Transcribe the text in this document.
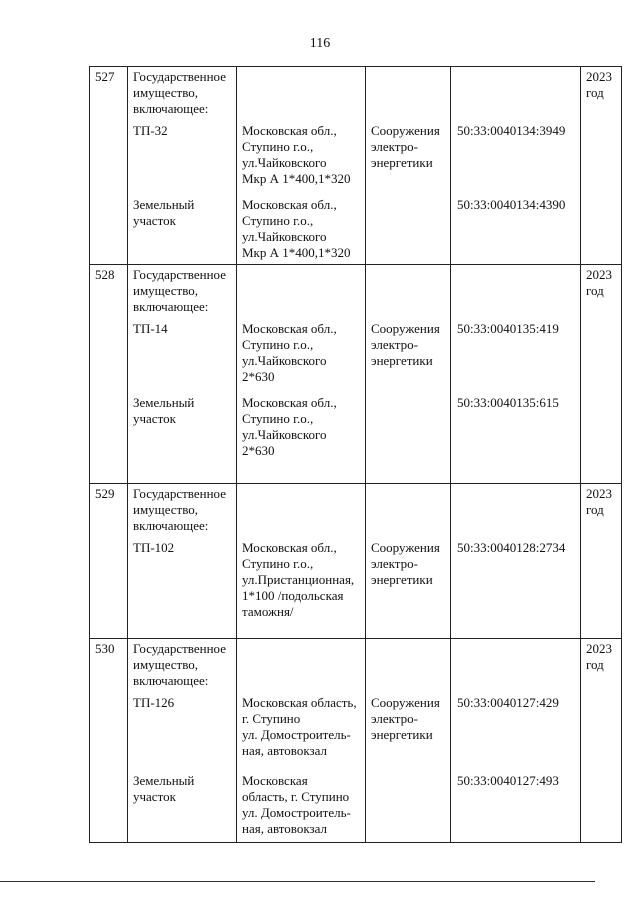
116
527	Государственное
имущество,
включающее:				2023
год

	ТП-32	Московская обл.,
Ступино г.о.,
ул.Чайковского
Мкр А 1*400,1*320	Сооружения
электро-
энергетики	50:33:0040134:3949	

	Земельный
участок	Московская обл.,
Ступино г.о.,
ул.Чайковского
Мкр А 1*400,1*320		50:33:0040134:4390	

528	Государственное
имущество,
включающее:				2023
год

	ТП-14	Московская обл.,
Ступино г.о.,
ул.Чайковского
2*630	Сооружения
электро-
энергетики	50:33:0040135:419	

	Земельный
участок	Московская обл.,
Ступино г.о.,
ул.Чайковского
2*630		50:33:0040135:615	

529	Государственное
имущество,
включающее:				2023
год

	ТП-102	Московская обл.,
Ступино г.о.,
ул.Пристанционная,
1*100 /подольская
таможня/	Сооружения
электро-
энергетики	50:33:0040128:2734	

530	Государственное
имущество,
включающее:				2023
год

	ТП-126	Московская область,
г. Ступино
ул. Домостроитель-
ная, автовокзал	Сооружения
электро-
энергетики	50:33:0040127:429	

	Земельный
участок	Московская
область, г. Ступино
ул. Домостроитель-
ная, автовокзал		50:33:0040127:493	
